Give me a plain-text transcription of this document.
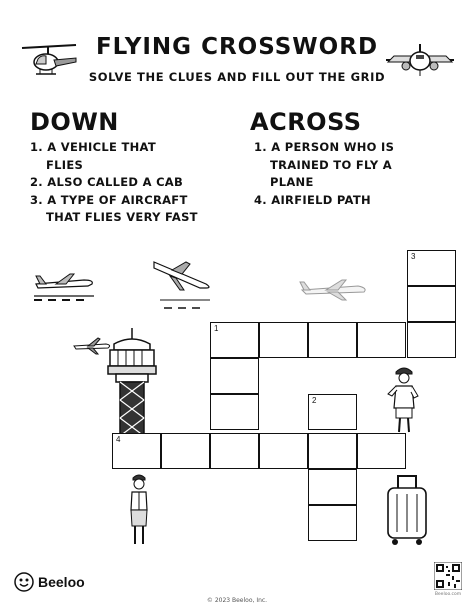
FLYING CROSSWORD
SOLVE THE CLUES AND FILL OUT THE GRID
DOWN
1. A VEHICLE THAT
FLIES
2. ALSO CALLED A CAB
3. A TYPE OF AIRCRAFT
THAT FLIES VERY FAST
ACROSS
1. A PERSON WHO IS
TRAINED TO FLY A
PLANE
4. AIRFIELD PATH
3
1
2
4
Beeloo
© 2023 Beeloo, Inc.
Beeloo.com
